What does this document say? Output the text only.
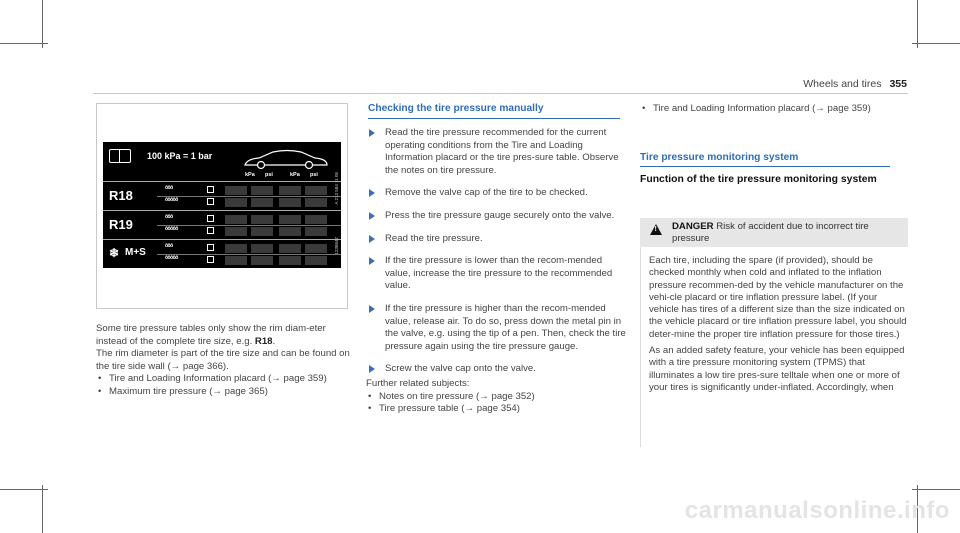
Wheels and tires 355
100 kPa = 1 bar
kPa psi	kPa psi
R18
R19
❄ M+S
ōōō
ōōōōō
ōōō
ōōōōō
ōōō
ōōōōō
A 213 584 11 05
1238647

Some tire pressure tables only show the rim diam-eter instead of the complete tire size, e.g. R18.

The rim diameter is part of the tire size and can be found on the tire side wall (→ page 366).

• Tire and Loading Information placard (→ page 359)
• Maximum tire pressure (→ page 365)
Checking the tire pressure manually
Read the tire pressure recommended for the current operating conditions from the Tire and Loading Information placard or the tire pres-sure table. Observe the notes on tire pressure.
Remove the valve cap of the tire to be checked.
Press the tire pressure gauge securely onto the valve.
Read the tire pressure.
If the tire pressure is lower than the recom-mended value, increase the tire pressure to the recommended value.
If the tire pressure is higher than the recom-mended value, release air. To do so, press down the metal pin in the valve, e.g. using the tip of a pen. Then, check the tire pressure again using the tire pressure gauge.
Screw the valve cap onto the valve.

Further related subjects:

• Notes on tire pressure (→ page 352)
• Tire pressure table (→ page 354)
• Tire and Loading Information placard (→ page 359)
Tire pressure monitoring system
Function of the tire pressure monitoring system
!
DANGER Risk of accident due to incorrect tire pressure

Each tire, including the spare (if provided), should be checked monthly when cold and inflated to the inflation pressure recommen-ded by the vehicle manufacturer on the vehi-cle placard or tire inflation pressure label. (If your vehicle has tires of a different size than the size indicated on the vehicle placard or tire inflation pressure label, you should deter-mine the proper tire inflation pressure for those tires.)

As an added safety feature, your vehicle has been equipped with a tire pressure monitoring system (TPMS) that illuminates a low tire pres-sure telltale when one or more of your tires is significantly under-inflated. Accordingly, when

carmanualsonline.info
